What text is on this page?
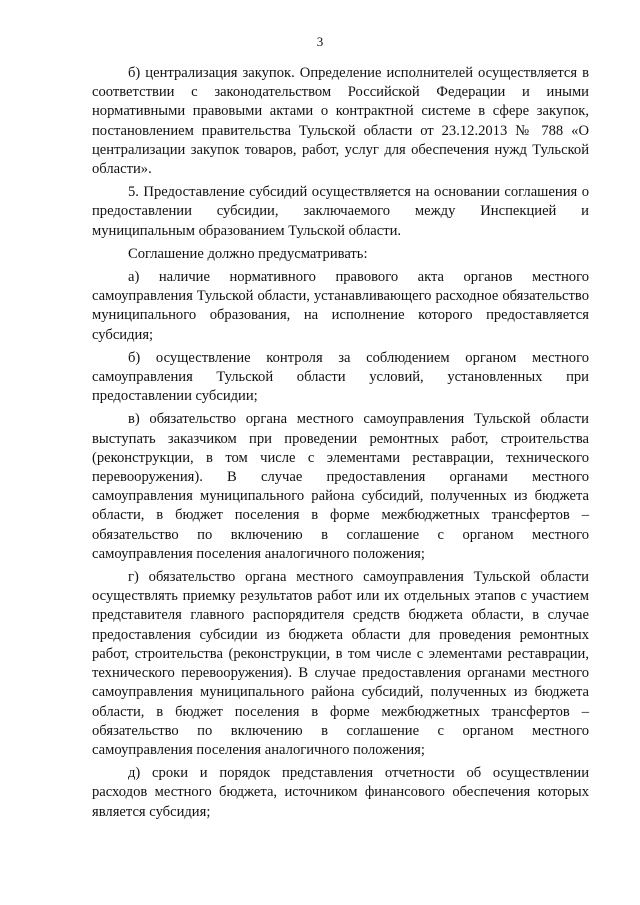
3

б) централизация закупок. Определение исполнителей осуществляется в соответствии с законодательством Российской Федерации и иными нормативными правовыми актами о контрактной системе в сфере закупок, постановлением правительства Тульской области от 23.12.2013 № 788 «О централизации закупок товаров, работ, услуг для обеспечения нужд Тульской области».

5. Предоставление субсидий осуществляется на основании соглашения о предоставлении субсидии, заключаемого между Инспекцией и муниципальным образованием Тульской области.

Соглашение должно предусматривать:

а) наличие нормативного правового акта органов местного самоуправления Тульской области, устанавливающего расходное обязательство муниципального образования, на исполнение которого предоставляется субсидия;

б) осуществление контроля за соблюдением органом местного самоуправления Тульской области условий, установленных при предоставлении субсидии;

в) обязательство органа местного самоуправления Тульской области выступать заказчиком при проведении ремонтных работ, строительства (реконструкции, в том числе с элементами реставрации, технического перевооружения). В случае предоставления органами местного самоуправления муниципального района субсидий, полученных из бюджета области, в бюджет поселения в форме межбюджетных трансфертов – обязательство по включению в соглашение с органом местного самоуправления поселения аналогичного положения;

г) обязательство органа местного самоуправления Тульской области осуществлять приемку результатов работ или их отдельных этапов с участием представителя главного распорядителя средств бюджета области, в случае предоставления субсидии из бюджета области для проведения ремонтных работ, строительства (реконструкции, в том числе с элементами реставрации, технического перевооружения). В случае предоставления органами местного самоуправления муниципального района субсидий, полученных из бюджета области, в бюджет поселения в форме межбюджетных трансфертов – обязательство по включению в соглашение с органом местного самоуправления поселения аналогичного положения;

д) сроки и порядок представления отчетности об осуществлении расходов местного бюджета, источником финансового обеспечения которых является субсидия;
